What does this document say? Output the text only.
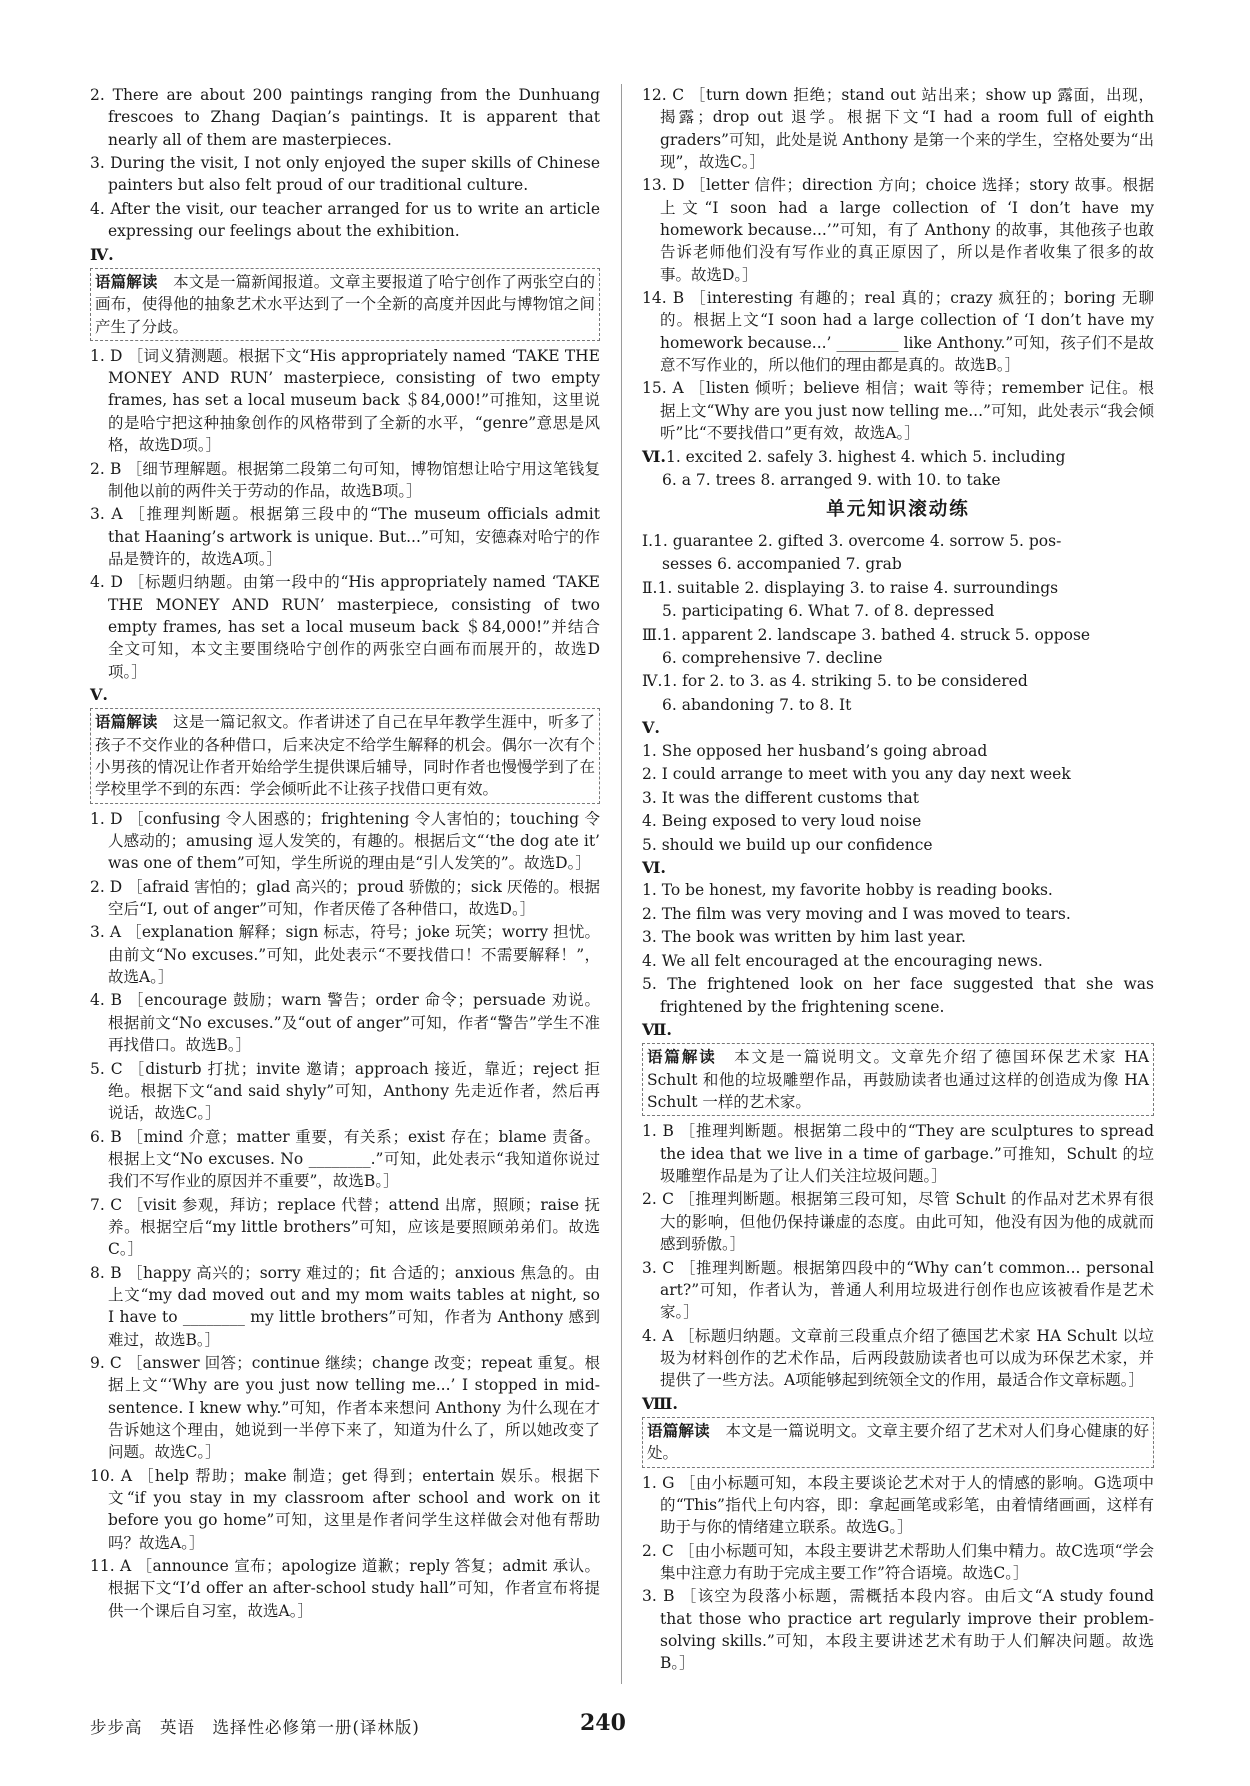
2. There are about 200 paintings ranging from the Dunhuang frescoes to Zhang Daqian’s paintings. It is apparent that nearly all of them are masterpieces.

3. During the visit, I not only enjoyed the super skills of Chinese painters but also felt proud of our traditional culture.

4. After the visit, our teacher arranged for us to write an article expressing our feelings about the exhibition.

Ⅳ.

语篇解读　 本文是一篇新闻报道。文章主要报道了哈宁创作了两张空白的画布，使得他的抽象艺术水平达到了一个全新的高度并因此与博物馆之间产生了分歧。

1. D ［词义猜测题。根据下文“His appropriately named ‘TAKE THE MONEY AND RUN’ masterpiece, consisting of two empty frames, has set a local museum back ＄84,000!”可推知，这里说的是哈宁把这种抽象创作的风格带到了全新的水平，“genre”意思是风格，故选D项。］

2. B ［细节理解题。根据第二段第二句可知，博物馆想让哈宁用这笔钱复制他以前的两件关于劳动的作品，故选B项。］

3. A ［推理判断题。根据第三段中的“The museum officials admit that Haaning’s artwork is unique. But...”可知，安德森对哈宁的作品是赞许的，故选A项。］

4. D ［标题归纳题。由第一段中的“His appropriately named ‘TAKE THE MONEY AND RUN’ masterpiece, consisting of two empty frames, has set a local museum back ＄84,000!”并结合全文可知，本文主要围绕哈宁创作的两张空白画布而展开的，故选D项。］

Ⅴ.

语篇解读　 这是一篇记叙文。作者讲述了自己在早年教学生涯中，听多了孩子不交作业的各种借口，后来决定不给学生解释的机会。偶尔一次有个小男孩的情况让作者开始给学生提供课后辅导，同时作者也慢慢学到了在学校里学不到的东西：学会倾听此不让孩子找借口更有效。

1. D ［confusing 令人困惑的；frightening 令人害怕的；touching 令人感动的；amusing 逗人发笑的，有趣的。根据后文“‘the dog ate it’ was one of them”可知，学生所说的理由是“引人发笑的”。故选D。］

2. D ［afraid 害怕的；glad 高兴的；proud 骄傲的；sick 厌倦的。根据空后“I, out of anger”可知，作者厌倦了各种借口，故选D。］

3. A ［explanation 解释；sign 标志，符号；joke 玩笑；worry 担忧。由前文“No excuses.”可知，此处表示“不要找借口！不需要解释！”，故选A。］

4. B ［encourage 鼓励；warn 警告；order 命令；persuade 劝说。根据前文“No excuses.”及“out of anger”可知，作者“警告”学生不准再找借口。故选B。］

5. C ［disturb 打扰；invite 邀请；approach 接近，靠近；reject 拒绝。根据下文“and said shyly”可知，Anthony 先走近作者，然后再说话，故选C。］

6. B ［mind 介意；matter 重要，有关系；exist 存在；blame 责备。根据上文“No excuses. No ________.”可知，此处表示“我知道你说过我们不写作业的原因并不重要”，故选B。］

7. C ［visit 参观，拜访；replace 代替；attend 出席，照顾；raise 抚养。根据空后“my little brothers”可知，应该是要照顾弟弟们。故选C。］

8. B ［happy 高兴的；sorry 难过的；fit 合适的；anxious 焦急的。由上文“my dad moved out and my mom waits tables at night, so I have to ________ my little brothers”可知，作者为 Anthony 感到难过，故选B。］

9. C ［answer 回答；continue 继续；change 改变；repeat 重复。根据上文“‘Why are you just now telling me...’ I stopped in mid-sentence. I knew why.”可知，作者本来想问 Anthony 为什么现在才告诉她这个理由，她说到一半停下来了，知道为什么了，所以她改变了问题。故选C。］

10. A ［help 帮助；make 制造；get 得到；entertain 娱乐。根据下文“if you stay in my classroom after school and work on it before you go home”可知，这里是作者问学生这样做会对他有帮助吗？故选A。］

11. A ［announce 宣布；apologize 道歉；reply 答复；admit 承认。根据下文“I’d offer an after-school study hall”可知，作者宣布将提供一个课后自习室，故选A。］

12. C ［turn down 拒绝；stand out 站出来；show up 露面，出现，揭露；drop out 退学。根据下文“I had a room full of eighth graders”可知，此处是说 Anthony 是第一个来的学生，空格处要为“出现”，故选C。］

13. D ［letter 信件；direction 方向；choice 选择；story 故事。根据上文“I soon had a large collection of ‘I don’t have my homework because...’”可知，有了 Anthony 的故事，其他孩子也敢告诉老师他们没有写作业的真正原因了，所以是作者收集了很多的故事。故选D。］

14. B ［interesting 有趣的；real 真的；crazy 疯狂的；boring 无聊的。根据上文“I soon had a large collection of ‘I don’t have my homework because...’ ________ like Anthony.”可知，孩子们不是故意不写作业的，所以他们的理由都是真的。故选B。］

15. A ［listen 倾听；believe 相信；wait 等待；remember 记住。根据上文“Why are you just now telling me...”可知，此处表示“我会倾听”比“不要找借口”更有效，故选A。］

Ⅵ.1. excited 2. safely 3. highest 4. which 5. including

6. a 7. trees 8. arranged 9. with 10. to take

单元知识滚动练

Ⅰ.1. guarantee 2. gifted 3. overcome 4. sorrow 5. pos-

sesses 6. accompanied 7. grab

Ⅱ.1. suitable 2. displaying 3. to raise 4. surroundings

5. participating 6. What 7. of 8. depressed

Ⅲ.1. apparent 2. landscape 3. bathed 4. struck 5. oppose

6. comprehensive 7. decline

Ⅳ.1. for 2. to 3. as 4. striking 5. to be considered

6. abandoning 7. to 8. It

Ⅴ.

1. She opposed her husband’s going abroad

2. I could arrange to meet with you any day next week

3. It was the different customs that

4. Being exposed to very loud noise

5. should we build up our confidence

Ⅵ.

1. To be honest, my favorite hobby is reading books.

2. The film was very moving and I was moved to tears.

3. The book was written by him last year.

4. We all felt encouraged at the encouraging news.

5. The frightened look on her face suggested that she was frightened by the frightening scene.

Ⅶ.

语篇解读　 本文是一篇说明文。文章先介绍了德国环保艺术家 HA Schult 和他的垃圾雕塑作品，再鼓励读者也通过这样的创造成为像 HA Schult 一样的艺术家。

1. B ［推理判断题。根据第二段中的“They are sculptures to spread the idea that we live in a time of garbage.”可推知，Schult 的垃圾雕塑作品是为了让人们关注垃圾问题。］

2. C ［推理判断题。根据第三段可知，尽管 Schult 的作品对艺术界有很大的影响，但他仍保持谦虚的态度。由此可知，他没有因为他的成就而感到骄傲。］

3. C ［推理判断题。根据第四段中的“Why can’t common... personal art?”可知，作者认为，普通人利用垃圾进行创作也应该被看作是艺术家。］

4. A ［标题归纳题。文章前三段重点介绍了德国艺术家 HA Schult 以垃圾为材料创作的艺术作品，后两段鼓励读者也可以成为环保艺术家，并提供了一些方法。A项能够起到统领全文的作用，最适合作文章标题。］

Ⅷ.

语篇解读　 本文是一篇说明文。文章主要介绍了艺术对人们身心健康的好处。

1. G ［由小标题可知，本段主要谈论艺术对于人的情感的影响。G选项中的“This”指代上句内容，即：拿起画笔或彩笔，由着情绪画画，这样有助于与你的情绪建立联系。故选G。］

2. C ［由小标题可知，本段主要讲艺术帮助人们集中精力。故C选项“学会集中注意力有助于完成主要工作”符合语境。故选C。］

3. B ［该空为段落小标题，需概括本段内容。由后文“A study found that those who practice art regularly improve their problem-solving skills.”可知，本段主要讲述艺术有助于人们解决问题。故选B。］

步步高　英语　选择性必修第一册(译林版)	240
